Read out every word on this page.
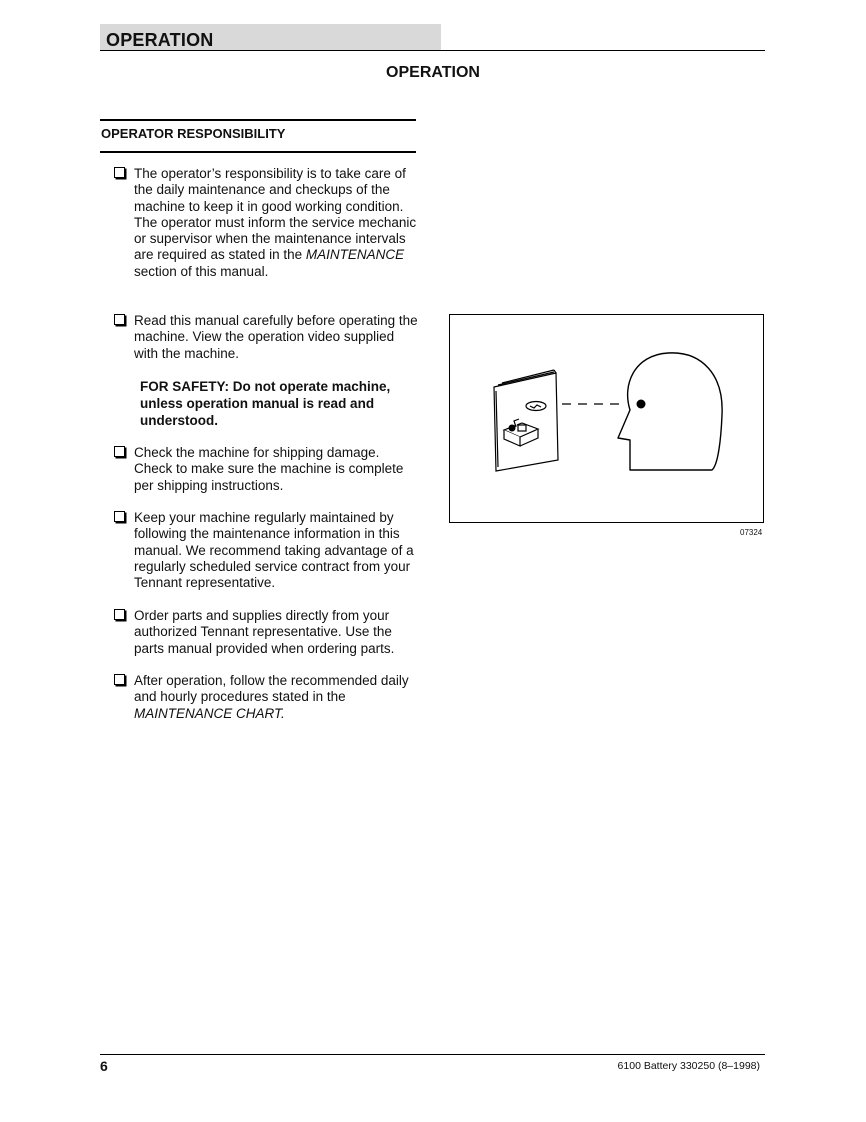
OPERATION
OPERATION
OPERATOR RESPONSIBILITY
The operator’s responsibility is to take care of the daily maintenance and checkups of the machine to keep it in good working condition. The operator must inform the service mechanic or supervisor when the maintenance intervals are required as stated in the MAINTENANCE section of this manual.
Read this manual carefully before operating the machine. View the operation video supplied with the machine.
FOR SAFETY: Do not operate machine, unless operation manual is read and understood.
Check the machine for shipping damage. Check to make sure the machine is complete per shipping instructions.
Keep your machine regularly maintained by following the maintenance information in this manual. We recommend taking advantage of a regularly scheduled service contract from your Tennant representative.
Order parts and supplies directly from your authorized Tennant representative. Use the parts manual provided when ordering parts.
After operation, follow the recommended daily and hourly procedures stated in the MAINTENANCE CHART.
07324
6	6100 Battery 330250 (8–1998)
